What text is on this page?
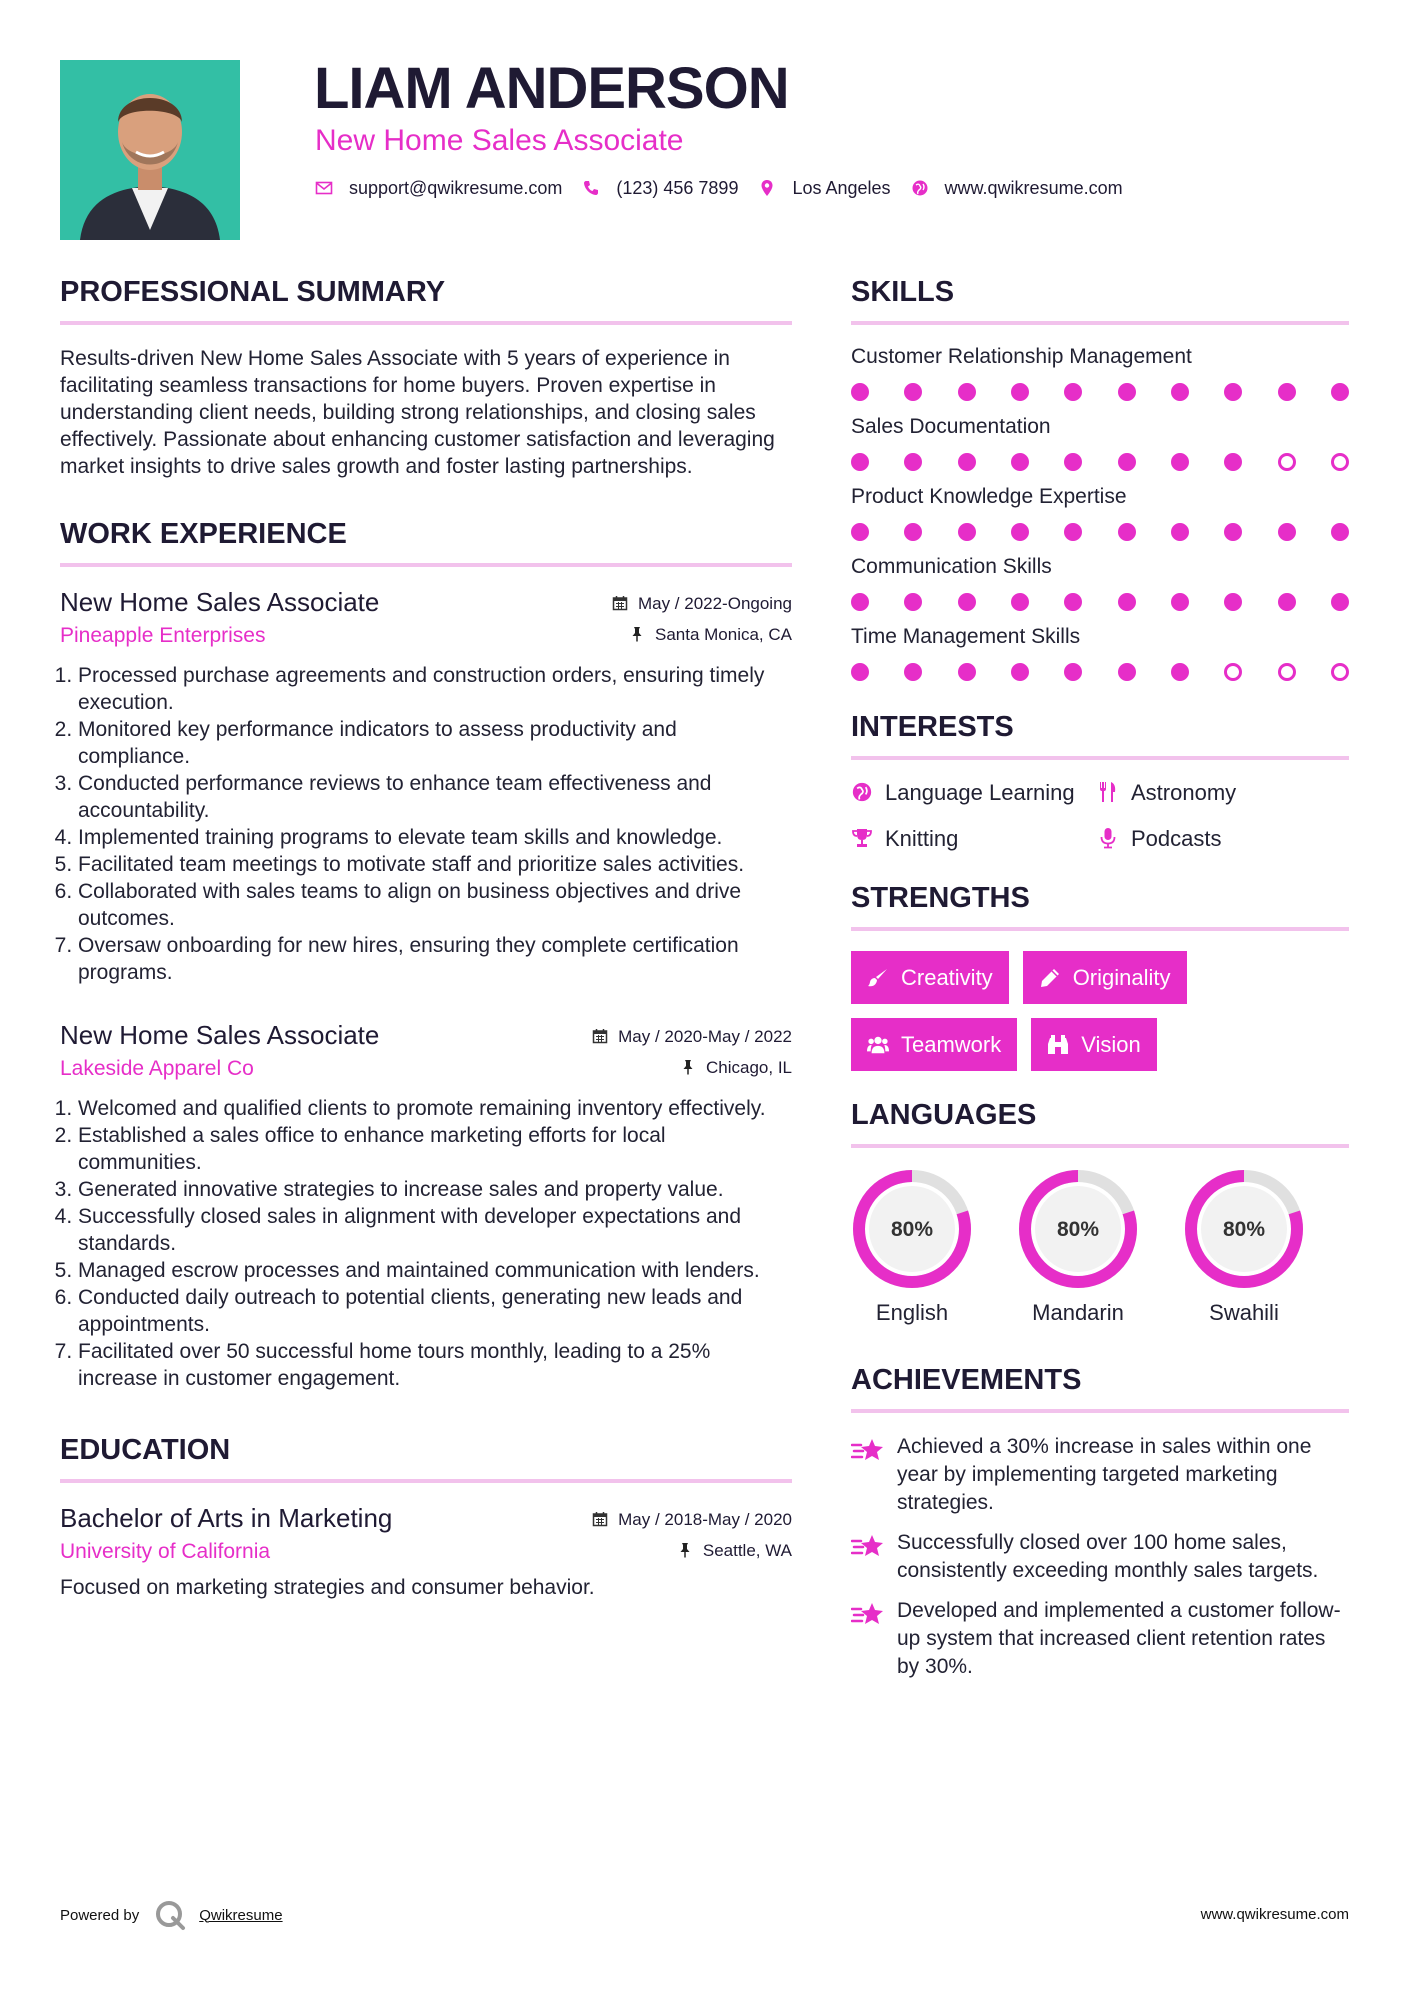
LIAM ANDERSON
New Home Sales Associate
support@qwikresume.com	(123) 456 7899	Los Angeles	www.qwikresume.com
PROFESSIONAL SUMMARY

Results-driven New Home Sales Associate with 5 years of experience in facilitating seamless transactions for home buyers. Proven expertise in understanding client needs, building strong relationships, and closing sales effectively. Passionate about enhancing customer satisfaction and leveraging market insights to drive sales growth and foster lasting partnerships.

WORK EXPERIENCE
New Home Sales Associate	May / 2022-Ongoing
Pineapple Enterprises	Santa Monica, CA
1. Processed purchase agreements and construction orders, ensuring timely execution.
2. Monitored key performance indicators to assess productivity and compliance.
3. Conducted performance reviews to enhance team effectiveness and accountability.
4. Implemented training programs to elevate team skills and knowledge.
5. Facilitated team meetings to motivate staff and prioritize sales activities.
6. Collaborated with sales teams to align on business objectives and drive outcomes.
7. Oversaw onboarding for new hires, ensuring they complete certification programs.
New Home Sales Associate	May / 2020-May / 2022
Lakeside Apparel Co	Chicago, IL
1. Welcomed and qualified clients to promote remaining inventory effectively.
2. Established a sales office to enhance marketing efforts for local communities.
3. Generated innovative strategies to increase sales and property value.
4. Successfully closed sales in alignment with developer expectations and standards.
5. Managed escrow processes and maintained communication with lenders.
6. Conducted daily outreach to potential clients, generating new leads and appointments.
7. Facilitated over 50 successful home tours monthly, leading to a 25% increase in customer engagement.
EDUCATION
Bachelor of Arts in Marketing	May / 2018-May / 2020
University of California	Seattle, WA

Focused on marketing strategies and consumer behavior.

SKILLS
Customer Relationship Management
Sales Documentation
Product Knowledge Expertise
Communication Skills
Time Management Skills
INTERESTS
Language Learning	Astronomy
Knitting	Podcasts
STRENGTHS
Creativity	Originality
Teamwork	Vision
LANGUAGES
80%
English
80%
Mandarin
80%
Swahili
ACHIEVEMENTS
Achieved a 30% increase in sales within one year by implementing targeted marketing strategies.
Successfully closed over 100 home sales, consistently exceeding monthly sales targets.
Developed and implemented a customer follow-up system that increased client retention rates by 30%.
Powered by	Qwikresume	www.qwikresume.com
